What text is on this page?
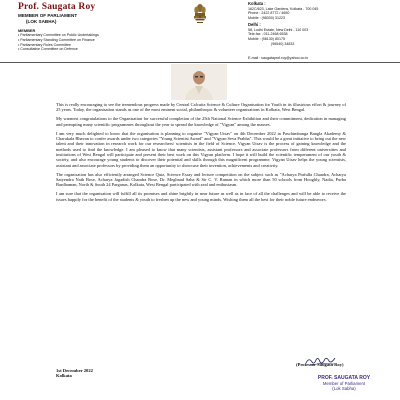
Prof. Saugata Roy
MEMBER OF PARLIAMENT
(LOK SABHA)
MEMBER
• Parliamentary Committee on Public Undertakings
• Parliamentary Standing Committee on Finance
• Parliamentary Rules Committee
• Consultative Committee on Defence
Kolkata :
162C/623, Lake Gardens, Kolkata - 700 045
Phone : 2422 8772 / 4650
Mobile : (98300) 31223
Delhi :
58, Lodhi Estate, New Delhi - 110 003
Tele-fax : 011-2468 6538
Mobile : (98130) 80175
(96540) 34833
E-mail : saugataprof.roy@yahoo.co.in

This is really encouraging to see the tremendous progress made by Central Calcutta Science & Culture Organisation for Youth in its illustrious effort & journey of 25 years. Today, the organisation stands as one of the most eminent social, philanthropic & volunteer organisations in Kolkata, West Bengal.

My warmest congratulations to the Organisation for successful completion of the 25th National Science Exhibition and their commitment, dedication in managing and prompting many scientific programmes throughout the year to spread the knowledge of "Vigyan" among the masses.

I am very much delighted to know that the organisation is planning to organise "Vigyan Utsav" on 4th December 2022 in Paschimbanga Bangla Akademy & Charukala Bhavan to confer awards under two categories "Young Scientist Award" and "Vigyan Seva Prabha". This would be a great initiative to bring out the new talent and their innovation in research work for our researchers/ scientists in the field of Science. Vigyan Utsav is the process of gaining knowledge and the methods used to find the knowledge. I am pleased to know that many scientists, assistant professors and associate professors from different universities and institutions of West Bengal will participate and present their best work on this Vigyan platform. I hope it will build the scientific temperament of our youth & society, and also encourage young students to discover their potential and skills through this magnificent programme. Vigyan Utsav helps the young scientists, assistant and associate professors by providing them an opportunity to showcase their invention, achievements and creativity.

The organisation has also efficiently arranged Science Quiz, Science Essay and lecture competition on the subject such as "Acharya Prafulla Chandra, Acharya Satyendra Nath Bose, Acharya Jagadish Chandra Bose, Dr. Meghnad Saha & Sir C. V. Raman in which more than 50 schools from Hooghly, Nadia, Purba Bardhaman, North & South 24 Parganas, Kolkata, West Bengal participated with zeal and enthusiasm.

I am sure that the organisation will fulfill all its promises and shine brightly in near future as well as in face of all the challenges and will be able to receive the issues happily for the benefit of the students & youth to freshen up the new and young minds. Wishing them all the best for their noble future endeavors.

(Professor Saugata Roy)
1st December 2022
Kolkata	PROF. SAUGATA ROY
Member of Parliament
(Lok Sabha)
